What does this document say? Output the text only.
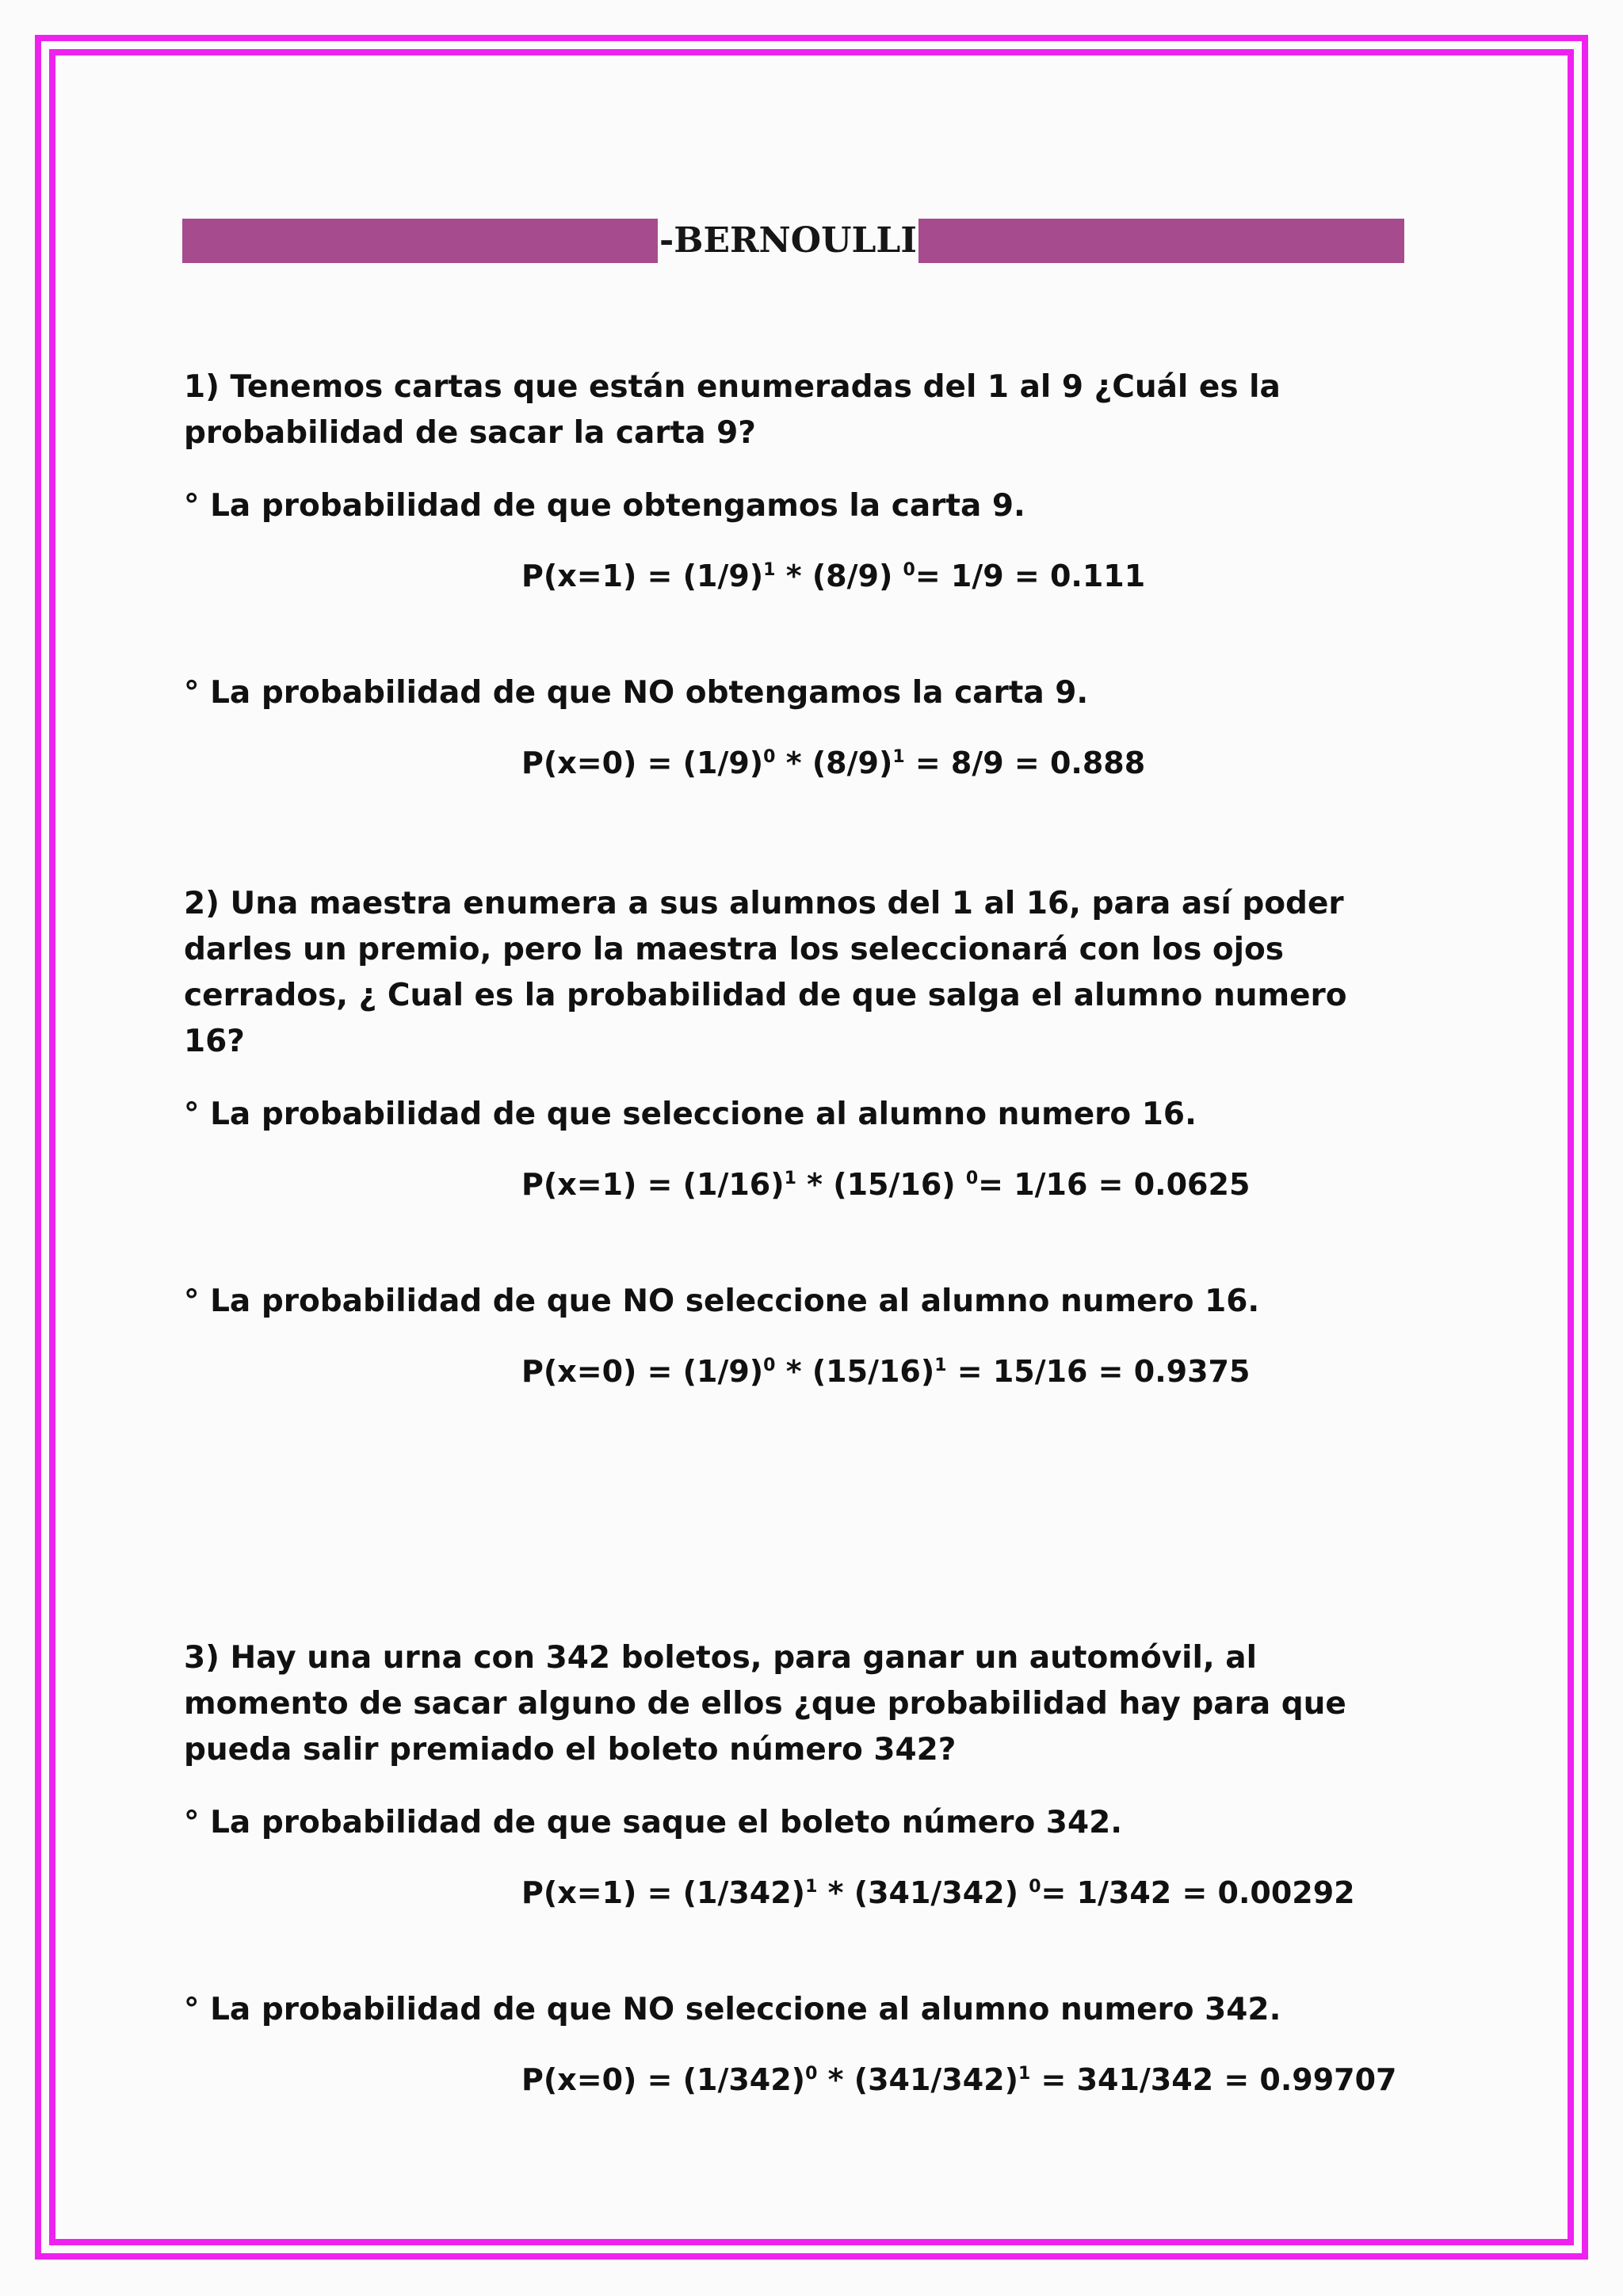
-BERNOULLI

1) Tenemos cartas que están enumeradas del 1 al 9 ¿Cuál es la probabilidad de sacar la carta 9?

° La probabilidad de que obtengamos la carta 9.

$P(x=1) = (1/9)^1 * (8/9)$ $^0$= 1/9 = 0.111

° La probabilidad de que NO obtengamos la carta 9.

$P(x=0) = (1/9)^0 * (8/9)^1 = 8/9 = 0.888$

2) Una maestra enumera a sus alumnos del 1 al 16, para así poder darles un premio, pero la maestra los seleccionará con los ojos cerrados, ¿ Cual es la probabilidad de que salga el alumno numero 16?

° La probabilidad de que seleccione al alumno numero 16.

$P(x=1) = (1/16)^1 * (15/16)$ $^0$= 1/16 = 0.0625

° La probabilidad de que NO seleccione al alumno numero 16.

$P(x=0) = (1/9)^0 * (15/16)^1 = 15/16 = 0.9375$

3) Hay una urna con 342 boletos, para ganar un automóvil, al momento de sacar alguno de ellos ¿que probabilidad hay para que pueda salir premiado el boleto número 342?

° La probabilidad de que saque el boleto número 342.

$P(x=1) = (1/342)^1 * (341/342)$ $^0$= 1/342 = 0.00292

° La probabilidad de que NO seleccione al alumno numero 342.

$P(x=0) = (1/342)^0 * (341/342)^1 = 341/342 = 0.99707$
